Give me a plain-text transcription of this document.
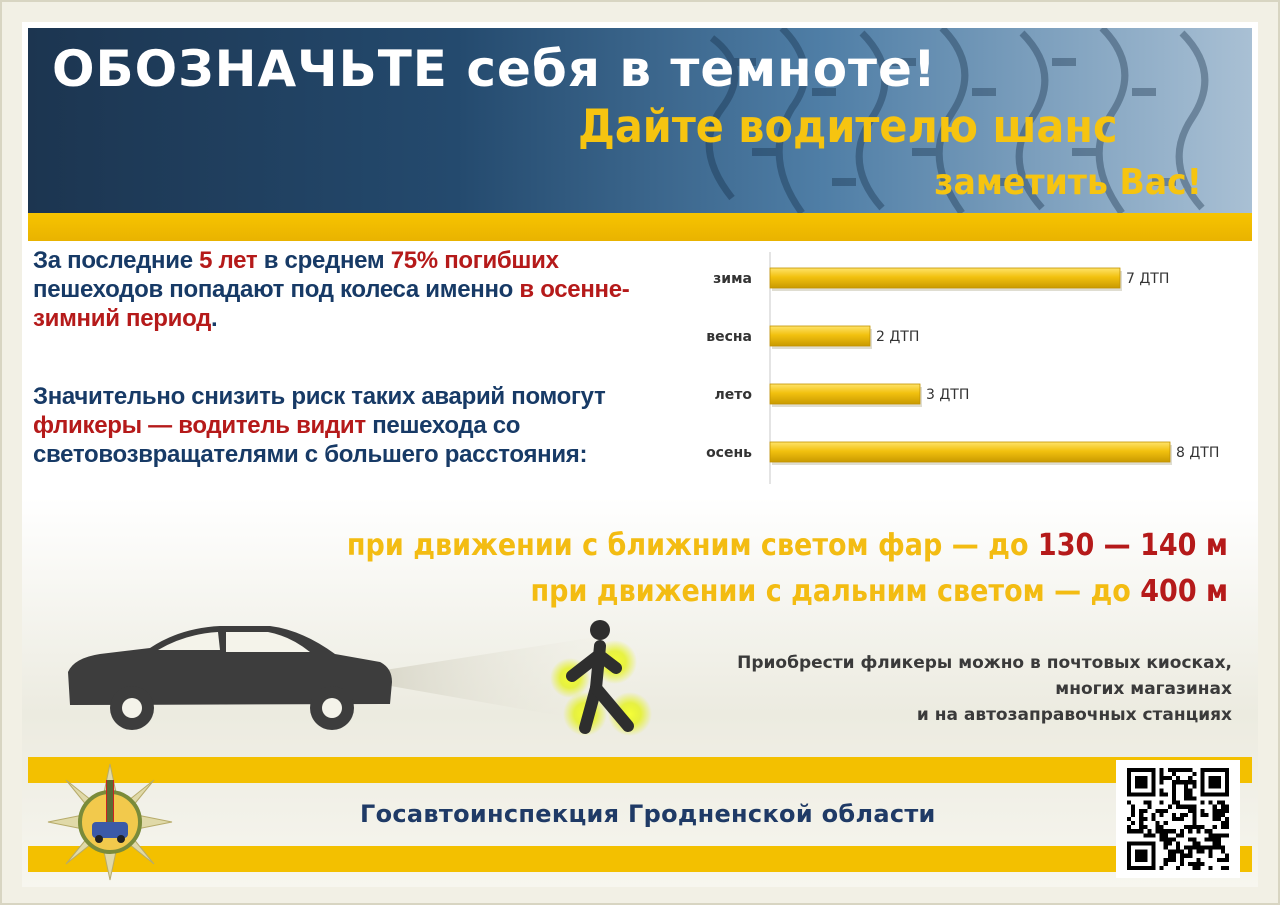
ОБОЗНАЧЬТЕ себя в темноте!
Дайте водителю шанс
заметить Вас!
За последние 5 лет в среднем 75% погибших пешеходов попадают под колеса именно в осенне-зимний период.
Значительно снизить риск таких аварий помогут фликеры — водитель видит пешехода со световозвращателями с большего расстояния:
зима	7 ДТП
весна	2 ДТП
лето	3 ДТП
осень	8 ДТП
при движении с ближним светом фар — до 130 — 140 м
при движении с дальним светом — до 400 м
Приобрести фликеры можно в почтовых киосках,
многих магазинах
и на автозаправочных станциях
Госавтоинспекция Гродненской области
